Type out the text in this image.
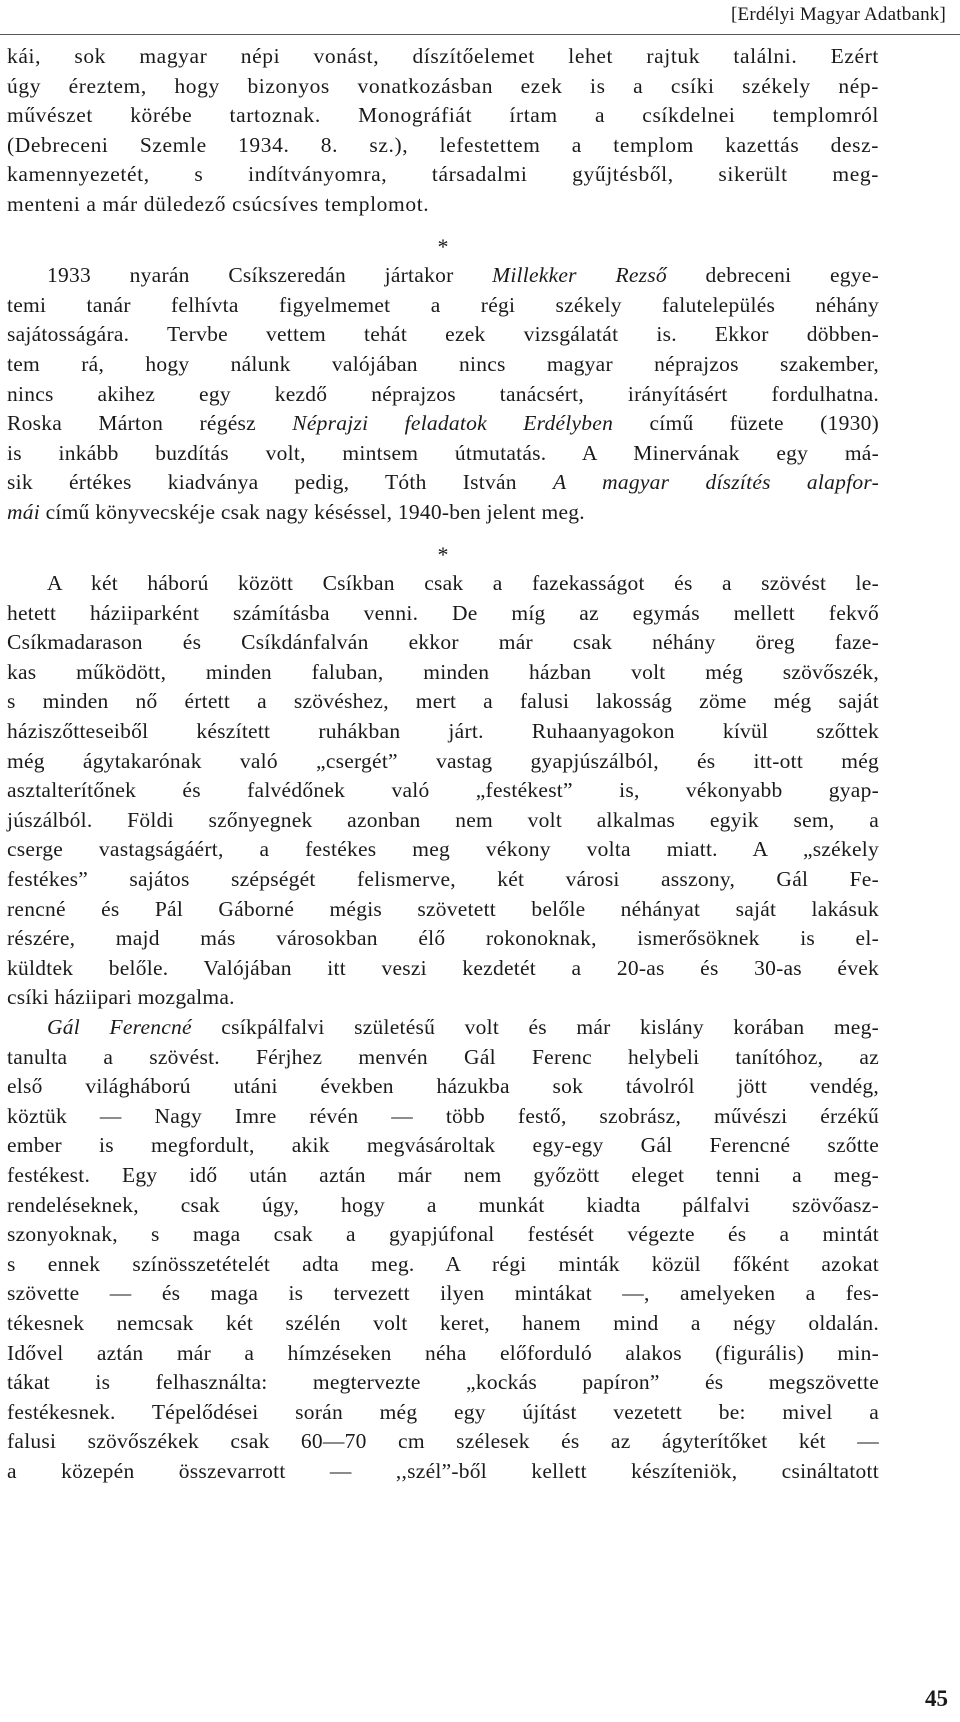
[Erdélyi Magyar Adatbank]
kái, sok magyar népi vonást, díszítőelemet lehet rajtuk találni. Ezért
úgy éreztem, hogy bizonyos vonatkozásban ezek is a csíki székely nép-
művészet körébe tartoznak. Monográfiát írtam a csíkdelnei templomról
(Debreceni Szemle 1934. 8. sz.), lefestettem a templom kazettás desz-
kamennyezetét, s indítványomra, társadalmi gyűjtésből, sikerült meg-
menteni a már düledező csúcsíves templomot.
*
1933 nyarán Csíkszeredán jártakor Millekker Rezső debreceni egye-
temi tanár felhívta figyelmemet a régi székely falutelepülés néhány
sajátosságára. Tervbe vettem tehát ezek vizsgálatát is. Ekkor döbben-
tem rá, hogy nálunk valójában nincs magyar néprajzos szakember,
nincs akihez egy kezdő néprajzos tanácsért, irányításért fordulhatna.
Roska Márton régész Néprajzi feladatok Erdélyben című füzete (1930)
is inkább buzdítás volt, mintsem útmutatás. A Minervának egy má-
sik értékes kiadványa pedig, Tóth István A magyar díszítés alapfor-
mái című könyvecskéje csak nagy késéssel, 1940-ben jelent meg.
*
A két háború között Csíkban csak a fazekasságot és a szövést le-
hetett háziiparként számításba venni. De míg az egymás mellett fekvő
Csíkmadarason és Csíkdánfalván ekkor már csak néhány öreg faze-
kas működött, minden faluban, minden házban volt még szövőszék,
s minden nő értett a szövéshez, mert a falusi lakosság zöme még saját
háziszőtteseiből készített ruhákban járt. Ruhaanyagokon kívül szőttek
még ágytakarónak való „csergét” vastag gyapjúszálból, és itt-ott még
asztalterítőnek és falvédőnek való „festékest” is, vékonyabb gyap-
júszálból. Földi szőnyegnek azonban nem volt alkalmas egyik sem, a
cserge vastagságáért, a festékes meg vékony volta miatt. A „székely
festékes” sajátos szépségét felismerve, két városi asszony, Gál Fe-
rencné és Pál Gáborné mégis szövetett belőle néhányat saját lakásuk
részére, majd más városokban élő rokonoknak, ismerősöknek is el-
küldtek belőle. Valójában itt veszi kezdetét a 20-as és 30-as évek
csíki háziipari mozgalma.
Gál Ferencné csíkpálfalvi születésű volt és már kislány korában meg-
tanulta a szövést. Férjhez menvén Gál Ferenc helybeli tanítóhoz, az
első világháború utáni években házukba sok távolról jött vendég,
köztük — Nagy Imre révén — több festő, szobrász, művészi érzékű
ember is megfordult, akik megvásároltak egy-egy Gál Ferencné szőtte
festékest. Egy idő után aztán már nem győzött eleget tenni a meg-
rendeléseknek, csak úgy, hogy a munkát kiadta pálfalvi szövőasz-
szonyoknak, s maga csak a gyapjúfonal festését végezte és a mintát
s ennek színösszetételét adta meg. A régi minták közül főként azokat
szövette — és maga is tervezett ilyen mintákat —, amelyeken a fes-
tékesnek nemcsak két szélén volt keret, hanem mind a négy oldalán.
Idővel aztán már a hímzéseken néha előforduló alakos (figurális) min-
tákat is felhasználta: megtervezte „kockás papíron” és megszövette
festékesnek. Tépelődései során még egy újítást vezetett be: mivel a
falusi szövőszékek csak 60—70 cm szélesek és az ágyterítőket két —
a közepén összevarrott — ,,szél”-ből kellett készíteniök, csináltatott
45
